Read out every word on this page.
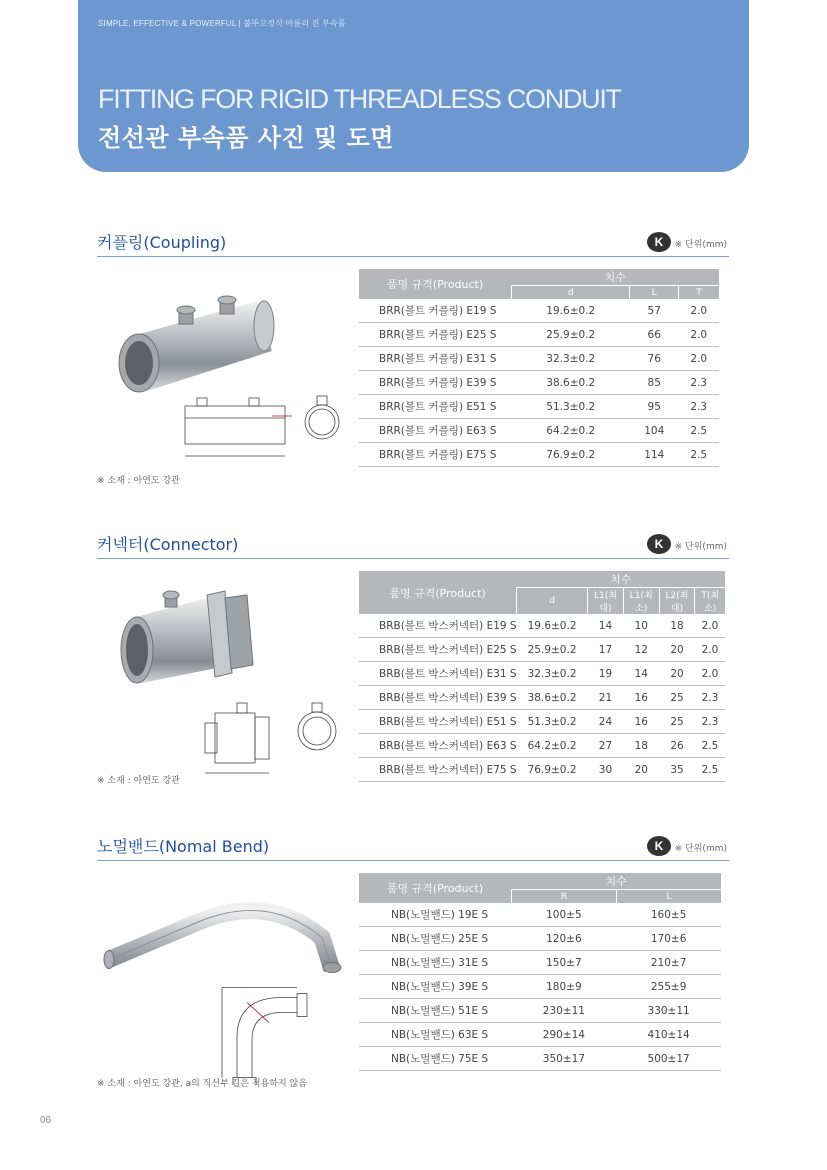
SIMPLE, EFFECTIVE & POWERFUL | 불뚜고정식 아름리 진 부속품
FITTING FOR RIGID THREADLESS CONDUIT
전선관 부속품 사진 및 도면
커플링(Coupling)	K	※ 단위(mm)
품명 규격(Product)	치수		
	d	L	T
BRR(볼트 커플링) E19 S	19.6±0.2	57	2.0
BRR(볼트 커플링) E25 S	25.9±0.2	66	2.0
BRR(볼트 커플링) E31 S	32.3±0.2	76	2.0
BRR(볼트 커플링) E39 S	38.6±0.2	85	2.3
BRR(볼트 커플링) E51 S	51.3±0.2	95	2.3
BRR(볼트 커플링) E63 S	64.2±0.2	104	2.5
BRR(볼트 커플링) E75 S	76.9±0.2	114	2.5
※ 소재 : 아연도 강관
커넥터(Connector)	K	※ 단위(mm)
품명 규격(Product)	치수				
	d	L1(최대)	L1(최소)	L2(최대)	T(최소)
BRB(볼트 박스커넥터) E19 S	19.6±0.2	14	10	18	2.0
BRB(볼트 박스커넥터) E25 S	25.9±0.2	17	12	20	2.0
BRB(볼트 박스커넥터) E31 S	32.3±0.2	19	14	20	2.0
BRB(볼트 박스커넥터) E39 S	38.6±0.2	21	16	25	2.3
BRB(볼트 박스커넥터) E51 S	51.3±0.2	24	16	25	2.3
BRB(볼트 박스커넥터) E63 S	64.2±0.2	27	18	26	2.5
BRB(볼트 박스커넥터) E75 S	76.9±0.2	30	20	35	2.5
※ 소재 : 아연도 강관
노멀밴드(Nomal Bend)	K	※ 단위(mm)
품명 규격(Product)	치수	
	R	L
NB(노멀밴드) 19E S	100±5	160±5
NB(노멀밴드) 25E S	120±6	170±6
NB(노멀밴드) 31E S	150±7	210±7
NB(노멀밴드) 39E S	180±9	255±9
NB(노멀밴드) 51E S	230±11	330±11
NB(노멀밴드) 63E S	290±14	410±14
NB(노멀밴드) 75E S	350±17	500±17
※ 소재 : 아연도 강관, a의 직선부 길은 적용하지 않음
06
